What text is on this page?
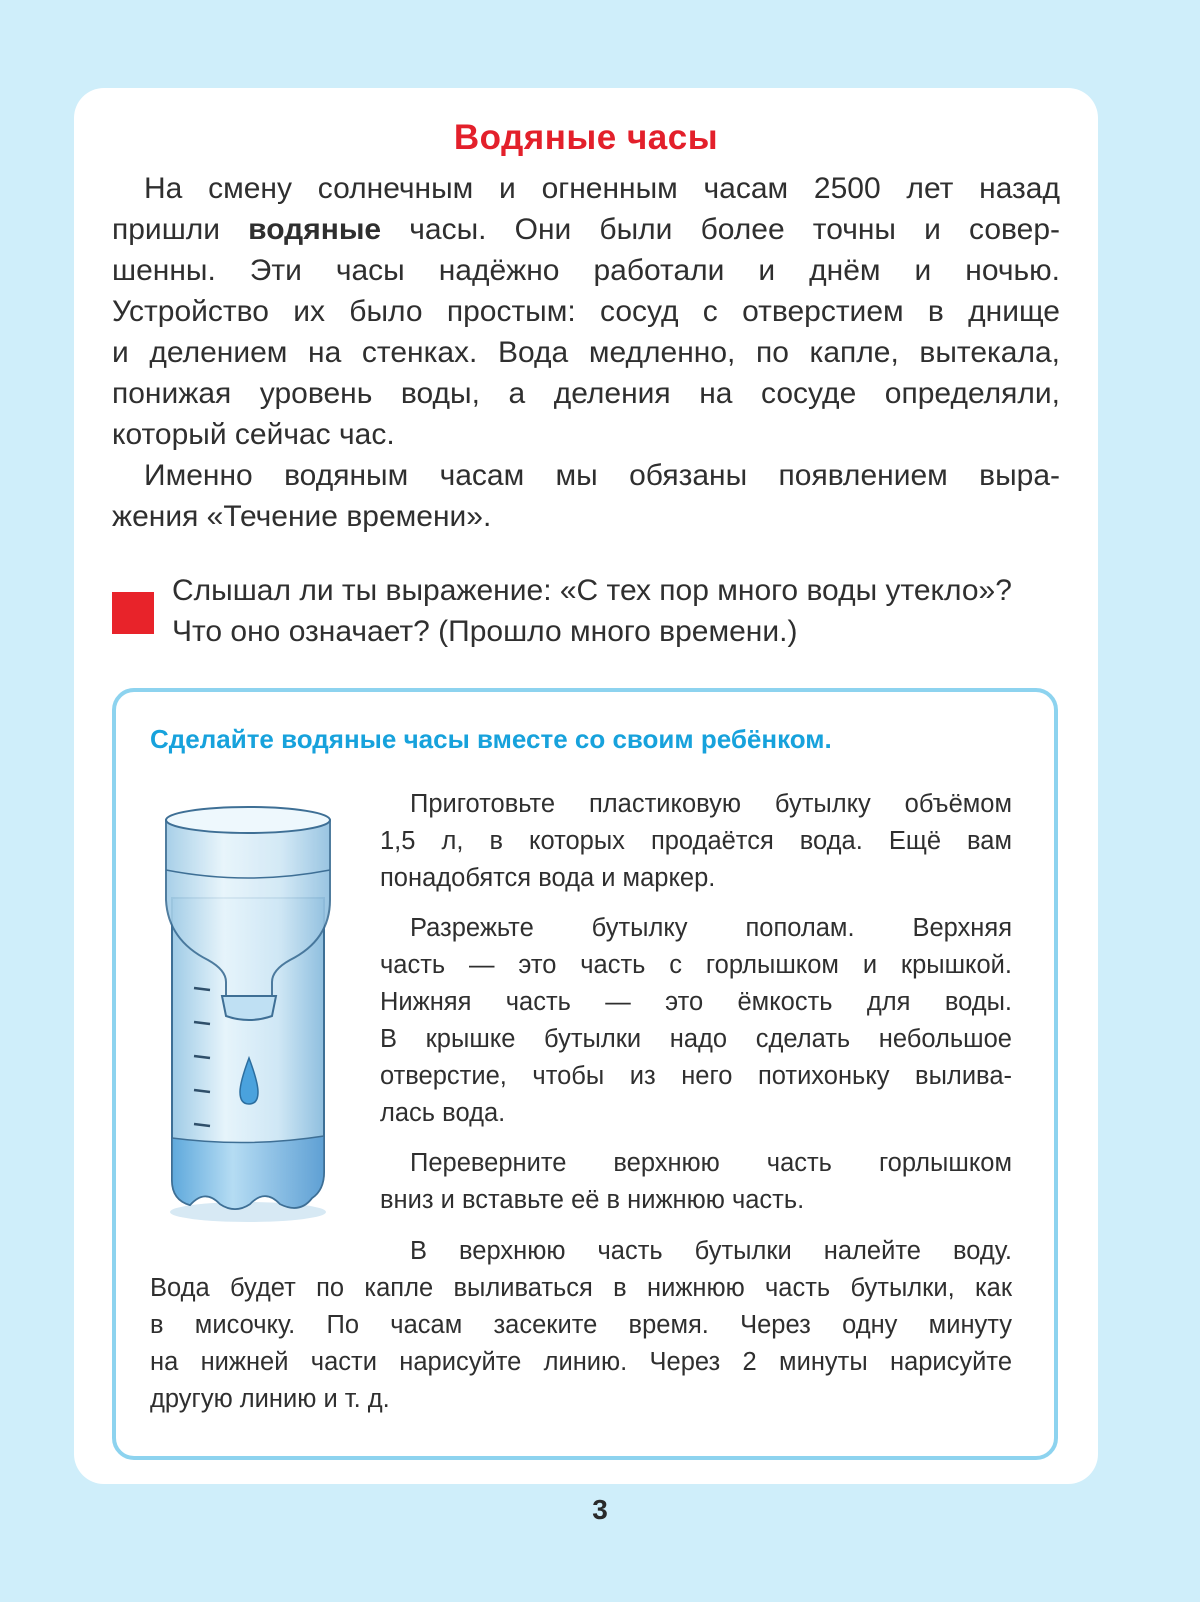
Водяные часы
На смену солнечным и огненным часам 2500 лет назад
пришли водяные часы. Они были более точны и совер-
шенны. Эти часы надёжно работали и днём и ночью.
Устройство их было простым: сосуд с отверстием в днище
и делением на стенках. Вода медленно, по капле, вытекала,
понижая уровень воды, а деления на сосуде определяли,
который сейчас час.
Именно водяным часам мы обязаны появлением выра-
жения «Течение времени».
Слышал ли ты выражение: «С тех пор много воды утекло»?
Что оно означает? (Прошло много времени.)
Сделайте водяные часы вместе со своим ребёнком.
Приготовьте пластиковую бутылку объёмом
1,5 л, в которых продаётся вода. Ещё вам
понадобятся вода и маркер.
Разрежьте бутылку пополам. Верхняя
часть — это часть с горлышком и крышкой.
Нижняя часть — это ёмкость для воды.
В крышке бутылки надо сделать небольшое
отверстие, чтобы из него потихоньку вылива-
лась вода.
Переверните верхнюю часть горлышком
вниз и вставьте её в нижнюю часть.
В верхнюю часть бутылки налейте воду.
Вода будет по капле выливаться в нижнюю часть бутылки, как
в мисочку. По часам засеките время. Через одну минуту
на нижней части нарисуйте линию. Через 2 минуты нарисуйте
другую линию и т. д.
3
